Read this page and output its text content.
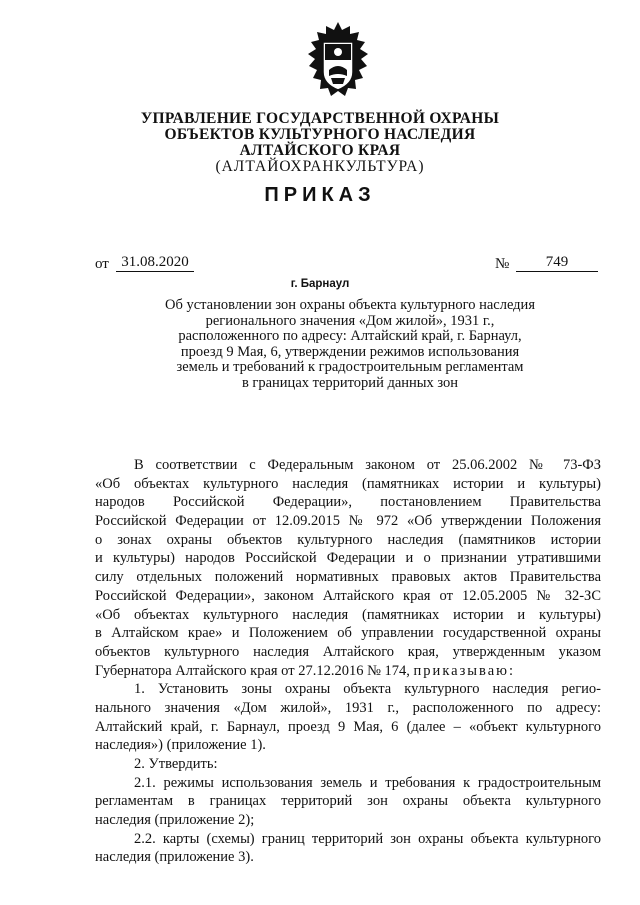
УПРАВЛЕНИЕ ГОСУДАРСТВЕННОЙ ОХРАНЫ
ОБЪЕКТОВ КУЛЬТУРНОГО НАСЛЕДИЯ
АЛТАЙСКОГО КРАЯ
(АЛТАЙОХРАНКУЛЬТУРА)
ПРИКАЗ
от 31.08.2020	№	749
г. Барнаул
Об установлении зон охраны объекта культурного наследия
регионального значения «Дом жилой», 1931 г.,
расположенного по адресу: Алтайский край, г. Барнаул,
проезд 9 Мая, 6, утверждении режимов использования
земель и требований к градостроительным регламентам
в границах территорий данных зон
В соответствии с Федеральным законом от 25.06.2002 № 73-ФЗ
«Об объектах культурного наследия (памятниках истории и культуры)
народов Российской Федерации», постановлением Правительства
Российской Федерации от 12.09.2015 № 972 «Об утверждении Положения
о зонах охраны объектов культурного наследия (памятников истории
и культуры) народов Российской Федерации и о признании утратившими
силу отдельных положений нормативных правовых актов Правительства
Российской Федерации», законом Алтайского края от 12.05.2005 № 32-ЗС
«Об объектах культурного наследия (памятниках истории и культуры)
в Алтайском крае» и Положением об управлении государственной охраны
объектов культурного наследия Алтайского края, утвержденным указом
Губернатора Алтайского края от 27.12.2016 № 174, приказываю:
1. Установить зоны охраны объекта культурного наследия регио-
нального значения «Дом жилой», 1931 г., расположенного по адресу:
Алтайский край, г. Барнаул, проезд 9 Мая, 6 (далее – «объект культурного
наследия») (приложение 1).
2. Утвердить:
2.1. режимы использования земель и требования к градостроительным
регламентам в границах территорий зон охраны объекта культурного
наследия (приложение 2);
2.2. карты (схемы) границ территорий зон охраны объекта культурного
наследия (приложение 3).
